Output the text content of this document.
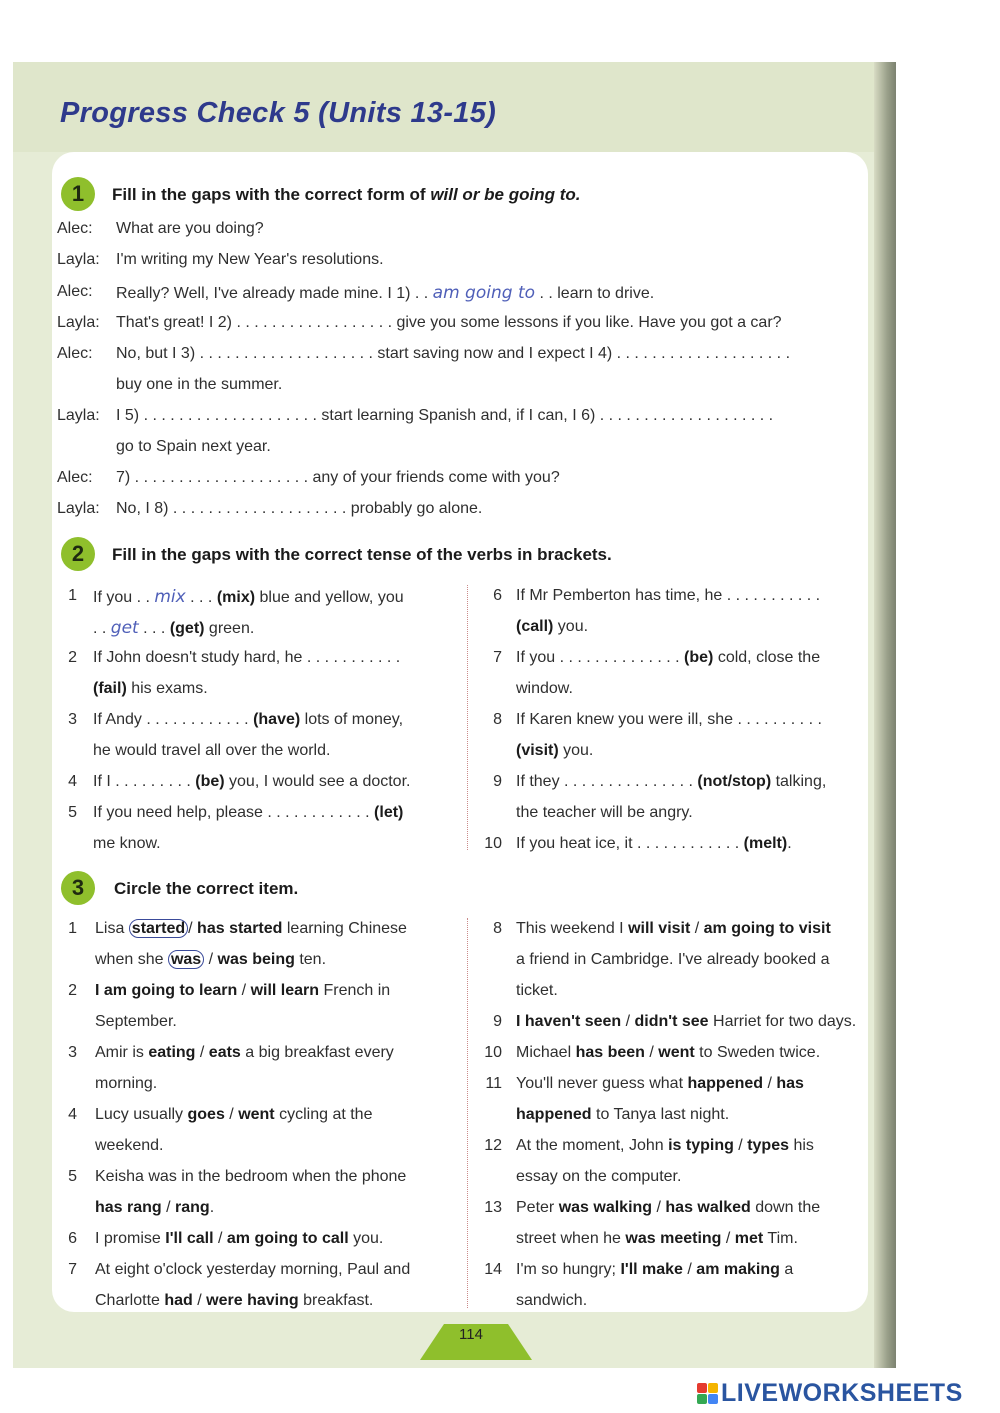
Progress Check 5 (Units 13-15)
1	Fill in the gaps with the correct form of will or be going to.
Alec: What are you doing?
Layla: I'm writing my New Year's resolutions.
Alec: Really? Well, I've already made mine. I 1) . . am going to . . learn to drive.
Layla: That's great! I 2) . . . . . . . . . . . . . . . . . . give you some lessons if you like. Have you got a car?
Alec: No, but I 3) . . . . . . . . . . . . . . . . . . . . start saving now and I expect I 4) . . . . . . . . . . . . . . . . . . . .
buy one in the summer.
Layla: I 5) . . . . . . . . . . . . . . . . . . . . start learning Spanish and, if I can, I 6) . . . . . . . . . . . . . . . . . . . .
go to Spain next year.
Alec: 7) . . . . . . . . . . . . . . . . . . . . any of your friends come with you?
Layla: No, I 8) . . . . . . . . . . . . . . . . . . . . probably go alone.
2	Fill in the gaps with the correct tense of the verbs in brackets.
1 If you . . mix . . . (mix) blue and yellow, you
. . get . . . (get) green.
2 If John doesn't study hard, he . . . . . . . . . . .
(fail) his exams.
3 If Andy . . . . . . . . . . . . (have) lots of money,
he would travel all over the world.
4 If I . . . . . . . . . (be) you, I would see a doctor.
5 If you need help, please . . . . . . . . . . . . (let)
me know.
6 If Mr Pemberton has time, he . . . . . . . . . . .
(call) you.
7 If you . . . . . . . . . . . . . . (be) cold, close the
window.
8 If Karen knew you were ill, she . . . . . . . . . .
(visit) you.
9 If they . . . . . . . . . . . . . . . (not/stop) talking,
the teacher will be angry.
10 If you heat ice, it . . . . . . . . . . . . (melt).
3	Circle the correct item.
1 Lisa started / has started learning Chinese
when she was / was being ten.
2 I am going to learn / will learn French in
September.
3 Amir is eating / eats a big breakfast every
morning.
4 Lucy usually goes / went cycling at the
weekend.
5 Keisha was in the bedroom when the phone
has rang / rang.
6 I promise I'll call / am going to call you.
7 At eight o'clock yesterday morning, Paul and
Charlotte had / were having breakfast.
8 This weekend I will visit / am going to visit
a friend in Cambridge. I've already booked a
ticket.
9 I haven't seen / didn't see Harriet for two days.
10 Michael has been / went to Sweden twice.
11 You'll never guess what happened / has
happened to Tanya last night.
12 At the moment, John is typing / types his
essay on the computer.
13 Peter was walking / has walked down the
street when he was meeting / met Tim.
14 I'm so hungry; I'll make / am making a
sandwich.
114
LIVEWORKSHEETS
